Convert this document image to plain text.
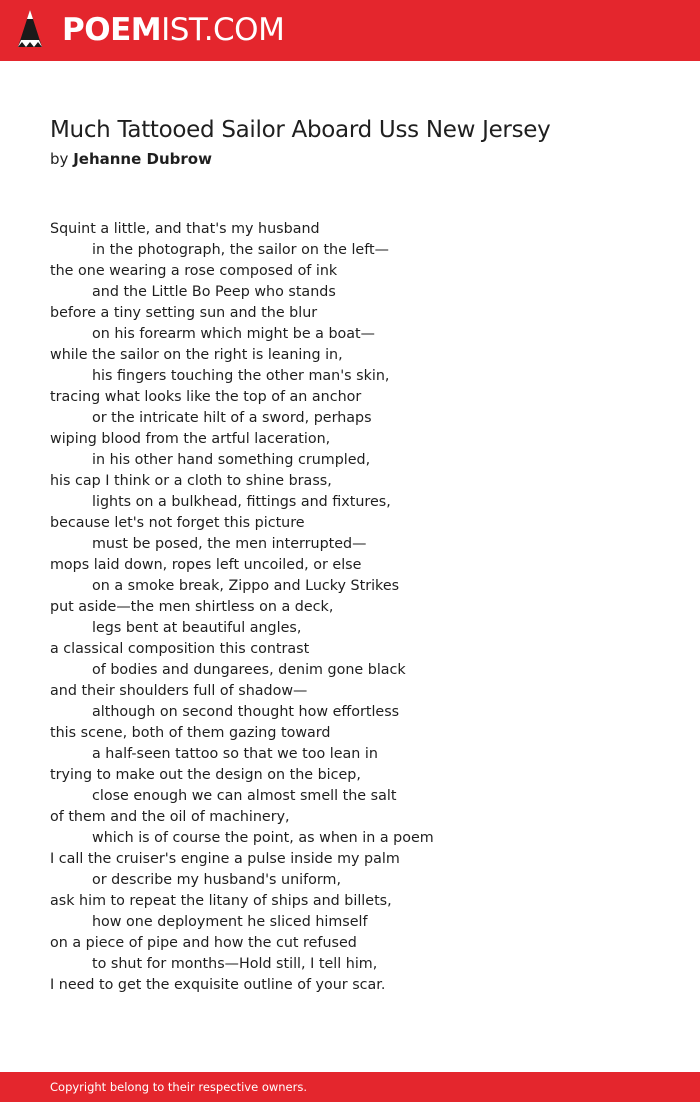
POEMIST.COM
Much Tattooed Sailor Aboard Uss New Jersey
by Jehanne Dubrow
Squint a little, and that's my husband
in the photograph, the sailor on the left—
the one wearing a rose composed of ink
and the Little Bo Peep who stands
before a tiny setting sun and the blur
on his forearm which might be a boat—
while the sailor on the right is leaning in,
his fingers touching the other man's skin,
tracing what looks like the top of an anchor
or the intricate hilt of a sword, perhaps
wiping blood from the artful laceration,
in his other hand something crumpled,
his cap I think or a cloth to shine brass,
lights on a bulkhead, fittings and fixtures,
because let's not forget this picture
must be posed, the men interrupted—
mops laid down, ropes left uncoiled, or else
on a smoke break, Zippo and Lucky Strikes
put aside—the men shirtless on a deck,
legs bent at beautiful angles,
a classical composition this contrast
of bodies and dungarees, denim gone black
and their shoulders full of shadow—
although on second thought how effortless
this scene, both of them gazing toward
a half-seen tattoo so that we too lean in
trying to make out the design on the bicep,
close enough we can almost smell the salt
of them and the oil of machinery,
which is of course the point, as when in a poem
I call the cruiser's engine a pulse inside my palm
or describe my husband's uniform,
ask him to repeat the litany of ships and billets,
how one deployment he sliced himself
on a piece of pipe and how the cut refused
to shut for months—Hold still, I tell him,
I need to get the exquisite outline of your scar.
Copyright belong to their respective owners.
